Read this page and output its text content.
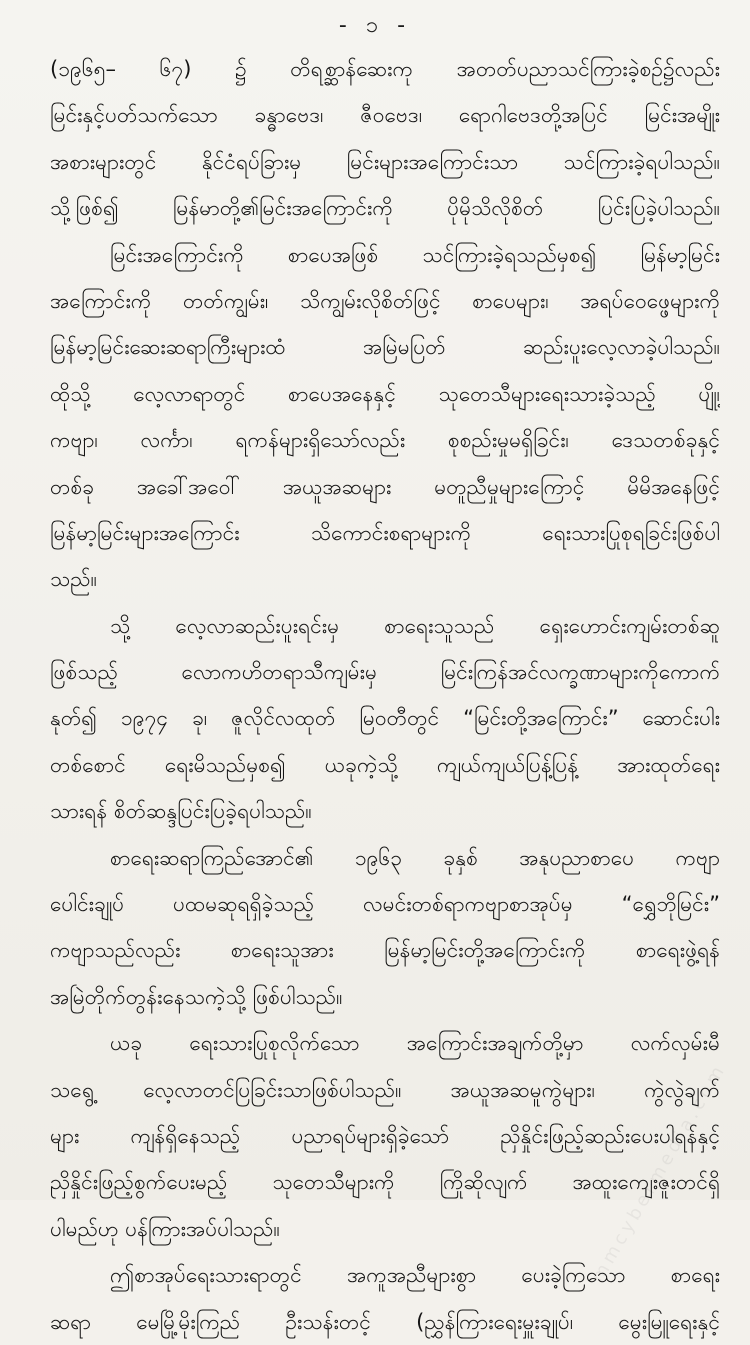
- ၁ -
(၁၉၆၅– ၆၇) ၌ တိရစ္ဆာန်ဆေးကု အတတ်ပညာသင်ကြားခဲ့စဉ်၌လည်း
မြင်းနှင့်ပတ်သက်သော ခန္ဓာဗေဒ၊ ဇီဝဗေဒ၊ ရောဂါဗေဒတို့အပြင် မြင်းအမျိုး
အစားများတွင် နိုင်ငံရပ်ခြားမှ မြင်းများအကြောင်းသာ သင်ကြားခဲ့ရပါသည်။
သို့ဖြစ်၍ မြန်မာတို့၏မြင်းအကြောင်းကို ပိုမိုသိလိုစိတ် ပြင်းပြခဲ့ပါသည်။
မြင်းအကြောင်းကို စာပေအဖြစ် သင်ကြားခဲ့ရသည်မှစ၍ မြန်မာ့မြင်း
အကြောင်းကို တတ်ကျွမ်း၊ သိကျွမ်းလိုစိတ်ဖြင့် စာပေများ၊ အရပ်ဝေဖ္ဖေများကို
မြန်မာ့မြင်းဆေးဆရာကြီးများထံ အမြဲမပြတ် ဆည်းပူးလေ့လာခဲ့ပါသည်။
ထိုသို့ လေ့လာရာတွင် စာပေအနေနှင့် သုတေသီများရေးသားခဲ့သည့် ပျို့၊
ကဗျာ၊ လင်္ကာ၊ ရကန်များရှိသော်လည်း စုစည်းမှုမရှိခြင်း၊ ဒေသတစ်ခုနှင့်
တစ်ခု အခေါ်အဝေါ် အယူအဆများ မတူညီမှုများကြောင့် မိမိအနေဖြင့်
မြန်မာ့မြင်းများအကြောင်း သိကောင်းစရာများကို ရေးသားပြုစုရခြင်းဖြစ်ပါ
သည်။
သို့ လေ့လာဆည်းပူးရင်းမှ စာရေးသူသည် ရှေးဟောင်းကျမ်းတစ်ဆူ
ဖြစ်သည့် လောကဟိတရာသီကျမ်းမှ မြင်းကြန်အင်လက္ခဏာများကိုကောက်
နုတ်၍ ၁၉၇၄ ခု၊ ဇူလိုင်လထုတ် မြဝတီတွင် “မြင်းတို့အကြောင်း” ဆောင်းပါး
တစ်စောင် ရေးမိသည်မှစ၍ ယခုကဲ့သို့ ကျယ်ကျယ်ပြန့်ပြန့် အားထုတ်ရေး
သားရန် စိတ်ဆန္ဒပြင်းပြခဲ့ရပါသည်။
စာရေးဆရာကြည်အောင်၏ ၁၉၆၃ ခုနှစ် အနုပညာစာပေ ကဗျာ
ပေါင်းချုပ် ပထမဆုရရှိခဲ့သည့် လမင်းတစ်ရာကဗျာစာအုပ်မှ “ရွှေဘိုမြင်း”
ကဗျာသည်လည်း စာရေးသူအား မြန်မာ့မြင်းတို့အကြောင်းကို စာရေးဖွဲ့ရန်
အမြဲတိုက်တွန်းနေသကဲ့သို့ ဖြစ်ပါသည်။
ယခု ရေးသားပြုစုလိုက်သော အကြောင်းအချက်တို့မှာ လက်လှမ်းမီ
သရွေ့ လေ့လာတင်ပြခြင်းသာဖြစ်ပါသည်။ အယူအဆမူကွဲများ၊ ကွဲလွဲချက်
များ ကျန်ရှိနေသည့် ပညာရပ်များရှိခဲ့သော် ညှိနှိုင်းဖြည့်ဆည်းပေးပါရန်နှင့်
ညှိနှိုင်းဖြည့်စွက်ပေးမည့် သုတေသီများကို ကြိုဆိုလျက် အထူးကျေးဇူးတင်ရှိ
ပါမည်ဟု ပန်ကြားအပ်ပါသည်။
ဤစာအုပ်ရေးသားရာတွင် အကူအညီများစွာ ပေးခဲ့ကြသော စာရေး
ဆရာ မေမြို့မိုးကြည် ဦးသန်းတင့် (ညွှန်ကြားရေးမှူးချုပ်၊ မွေးမြူရေးနှင့်
mmcybermedia.com
